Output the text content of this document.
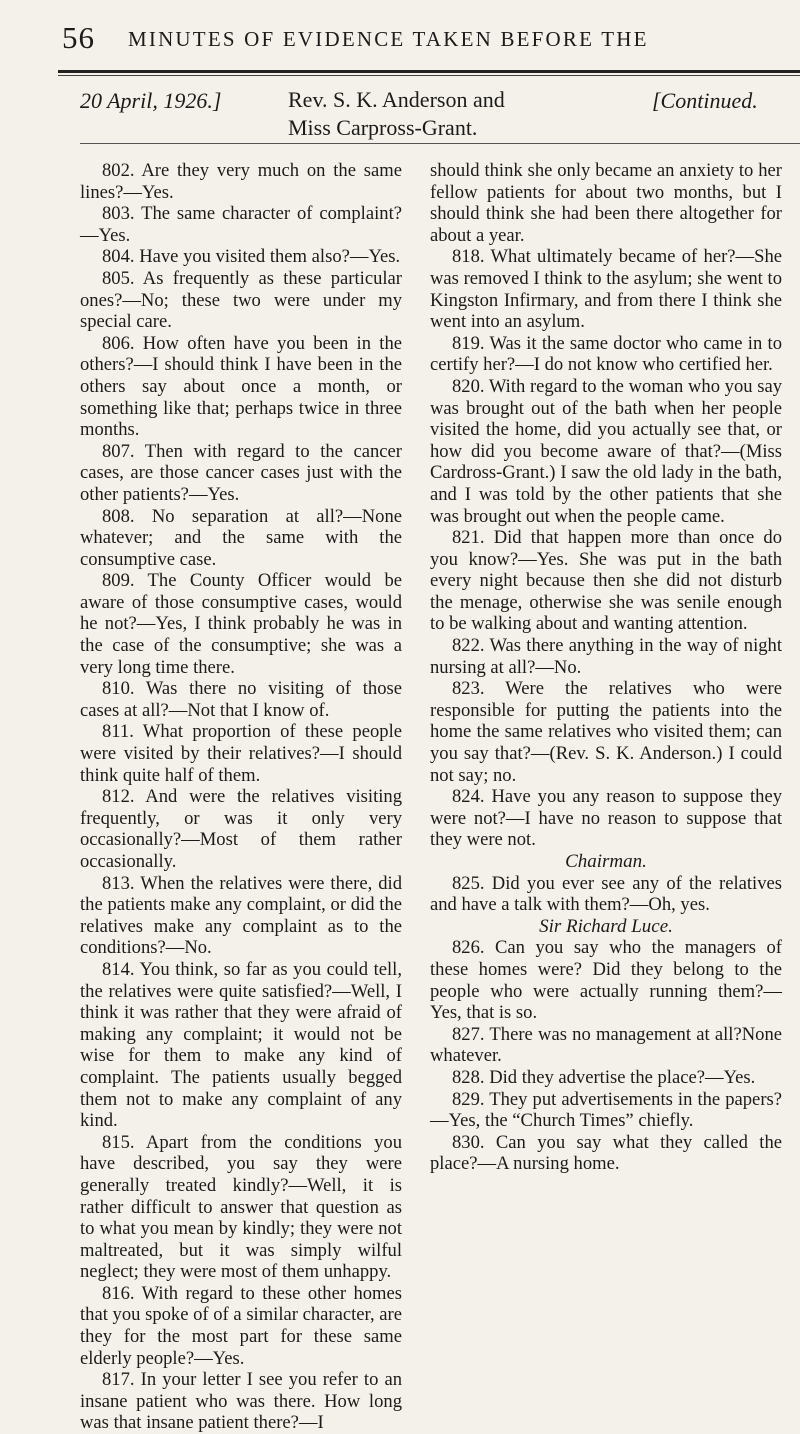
56 MINUTES OF EVIDENCE TAKEN BEFORE THE
20 April, 1926.]	Rev. S. K. Anderson and
Miss Carpross-Grant.
[Continued.

802. Are they very much on the same lines?—Yes.

803. The same character of complaint?—Yes.

804. Have you visited them also?—Yes.

805. As frequently as these particular ones?—No; these two were under my special care.

806. How often have you been in the others?—I should think I have been in the others say about once a month, or something like that; perhaps twice in three months.

807. Then with regard to the cancer cases, are those cancer cases just with the other patients?—Yes.

808. No separation at all?—None whatever; and the same with the consumptive case.

809. The County Officer would be aware of those consumptive cases, would he not?—Yes, I think probably he was in the case of the consumptive; she was a very long time there.

810. Was there no visiting of those cases at all?—Not that I know of.

811. What proportion of these people were visited by their relatives?—I should think quite half of them.

812. And were the relatives visiting frequently, or was it only very occasionally?—Most of them rather occasionally.

813. When the relatives were there, did the patients make any complaint, or did the relatives make any complaint as to the conditions?—No.

814. You think, so far as you could tell, the relatives were quite satisfied?—Well, I think it was rather that they were afraid of making any complaint; it would not be wise for them to make any kind of complaint. The patients usually begged them not to make any complaint of any kind.

815. Apart from the conditions you have described, you say they were generally treated kindly?—Well, it is rather difficult to answer that question as to what you mean by kindly; they were not maltreated, but it was simply wilful neglect; they were most of them unhappy.

816. With regard to these other homes that you spoke of of a similar character, are they for the most part for these same elderly people?—Yes.

817. In your letter I see you refer to an insane patient who was there. How long was that insane patient there?—I

should think she only became an anxiety to her fellow patients for about two months, but I should think she had been there altogether for about a year.

818. What ultimately became of her?—She was removed I think to the asylum; she went to Kingston Infirmary, and from there I think she went into an asylum.

819. Was it the same doctor who came in to certify her?—I do not know who certified her.

820. With regard to the woman who you say was brought out of the bath when her people visited the home, did you actually see that, or how did you become aware of that?—(Miss Cardross-Grant.) I saw the old lady in the bath, and I was told by the other patients that she was brought out when the people came.

821. Did that happen more than once do you know?—Yes. She was put in the bath every night because then she did not disturb the menage, otherwise she was senile enough to be walking about and wanting attention.

822. Was there anything in the way of night nursing at all?—No.

823. Were the relatives who were responsible for putting the patients into the home the same relatives who visited them; can you say that?—(Rev. S. K. Anderson.) I could not say; no.

824. Have you any reason to suppose they were not?—I have no reason to suppose that they were not.

Chairman.

825. Did you ever see any of the relatives and have a talk with them?—Oh, yes.

Sir Richard Luce.

826. Can you say who the managers of these homes were? Did they belong to the people who were actually running them?—Yes, that is so.

827. There was no management at all?None whatever.

828. Did they advertise the place?—Yes.

829. They put advertisements in the papers?—Yes, the “Church Times” chiefly.

830. Can you say what they called the place?—A nursing home.
